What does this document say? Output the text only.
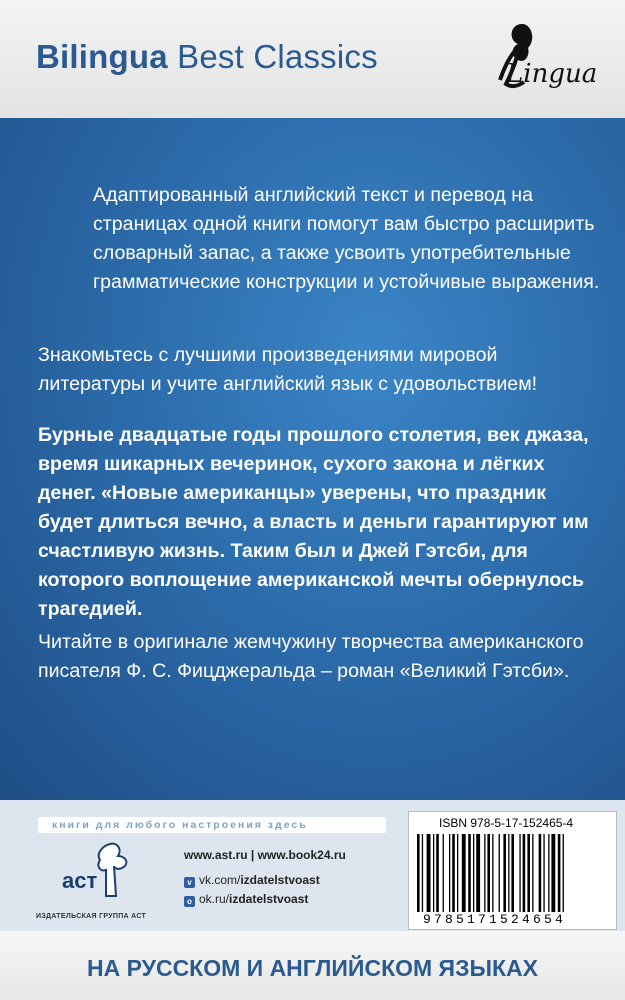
Bilingua Best Classics	Lingua

Адаптированный английский текст и перевод на страницах одной книги помогут вам быстро расширить словарный запас, а также усвоить употребительные грамматические конструкции и устойчивые выражения.

Знакомьтесь с лучшими произведениями мировой литературы и учите английский язык с удовольствием!

Бурные двадцатые годы прошлого столетия, век джаза, время шикарных вечеринок, сухого закона и лёгких денег. «Новые американцы» уверены, что праздник будет длиться вечно, а власть и деньги гарантируют им счастливую жизнь. Таким был и Джей Гэтсби, для которого воплощение американской мечты обернулось трагедией.

Читайте в оригинале жемчужину творчества американского писателя Ф. С. Фицджеральда – роман «Великий Гэтсби».

книги для любого настроения здесь
аст
ИЗДАТЕЛЬСКАЯ ГРУППА АСТ
www.ast.ru | www.book24.ru
v vk.com/izdatelstvoast
o ok.ru/izdatelstvoast
ISBN 978-5-17-152465-4
9785171524654
НА РУССКОМ И АНГЛИЙСКОМ ЯЗЫКАХ
